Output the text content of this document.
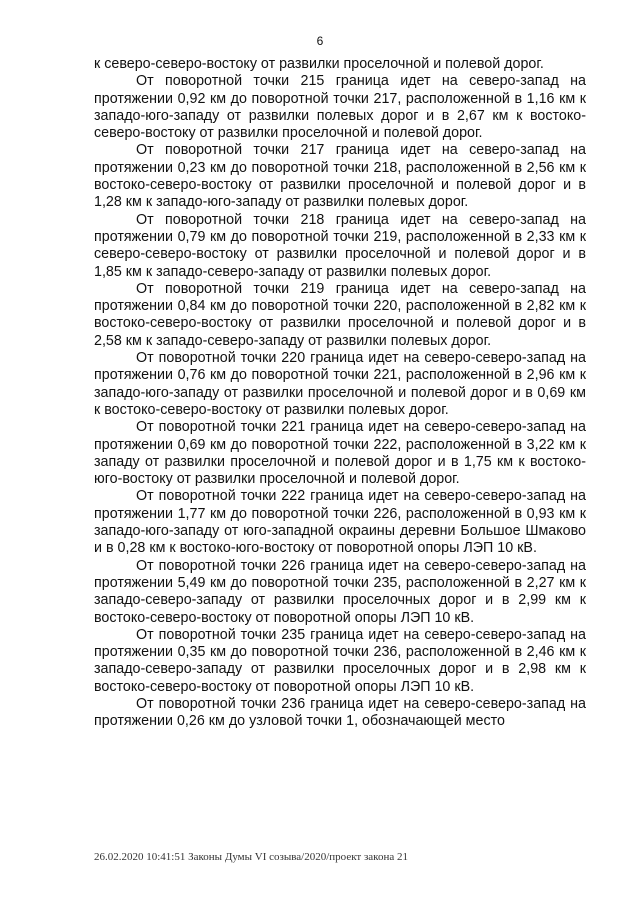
6

к северо-северо-востоку от развилки проселочной и полевой дорог.

От поворотной точки 215 граница идет на северо-запад на протяжении 0,92 км до поворотной точки 217, расположенной в 1,16 км к западо-юго-западу от развилки полевых дорог и в 2,67 км к востоко-северо-востоку от развилки проселочной и полевой дорог.

От поворотной точки 217 граница идет на северо-запад на протяжении 0,23 км до поворотной точки 218, расположенной в 2,56 км к востоко-северо-востоку от развилки проселочной и полевой дорог и в 1,28 км к западо-юго-западу от развилки полевых дорог.

От поворотной точки 218 граница идет на северо-запад на протяжении 0,79 км до поворотной точки 219, расположенной в 2,33 км к северо-северо-востоку от развилки проселочной и полевой дорог и в 1,85 км к западо-северо-западу от развилки полевых дорог.

От поворотной точки 219 граница идет на северо-запад на протяжении 0,84 км до поворотной точки 220, расположенной в 2,82 км к востоко-северо-востоку от развилки проселочной и полевой дорог и в 2,58 км к западо-северо-западу от развилки полевых дорог.

От поворотной точки 220 граница идет на северо-северо-запад на протяжении 0,76 км до поворотной точки 221, расположенной в 2,96 км к западо-юго-западу от развилки проселочной и полевой дорог и в 0,69 км к востоко-северо-востоку от развилки полевых дорог.

От поворотной точки 221 граница идет на северо-северо-запад на протяжении 0,69 км до поворотной точки 222, расположенной в 3,22 км к западу от развилки проселочной и полевой дорог и в 1,75 км к востоко-юго-востоку от развилки проселочной и полевой дорог.

От поворотной точки 222 граница идет на северо-северо-запад на протяжении 1,77 км до поворотной точки 226, расположенной в 0,93 км к западо-юго-западу от юго-западной окраины деревни Большое Шмаково и в 0,28 км к востоко-юго-востоку от поворотной опоры ЛЭП 10 кВ.

От поворотной точки 226 граница идет на северо-северо-запад на протяжении 5,49 км до поворотной точки 235, расположенной в 2,27 км к западо-северо-западу от развилки проселочных дорог и в 2,99 км к востоко-северо-востоку от поворотной опоры ЛЭП 10 кВ.

От поворотной точки 235 граница идет на северо-северо-запад на протяжении 0,35 км до поворотной точки 236, расположенной в 2,46 км к западо-северо-западу от развилки проселочных дорог и в 2,98 км к востоко-северо-востоку от поворотной опоры ЛЭП 10 кВ.

От поворотной точки 236 граница идет на северо-северо-запад на протяжении 0,26 км до узловой точки 1, обозначающей место

26.02.2020 10:41:51 Законы Думы VI созыва/2020/проект закона 21
